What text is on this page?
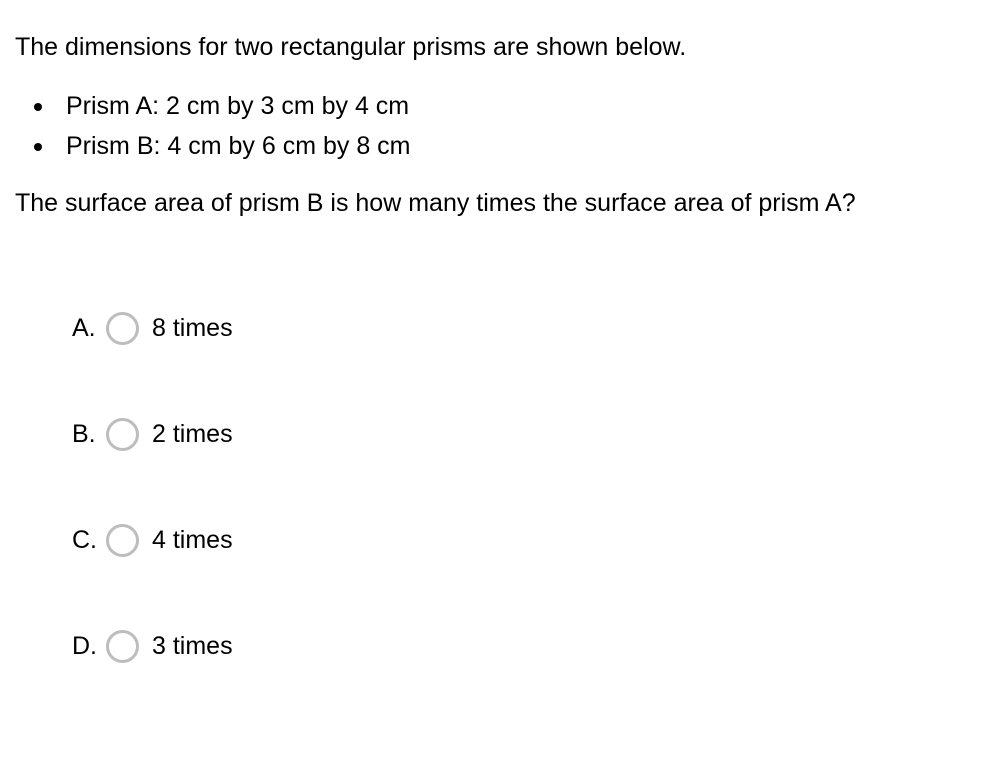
The dimensions for two rectangular prisms are shown below.

Prism A: 2 cm by 3 cm by 4 cm
Prism B: 4 cm by 6 cm by 8 cm

The surface area of prism B is how many times the surface area of prism A?

A.	8 times
B.	2 times
C.	4 times
D.	3 times
